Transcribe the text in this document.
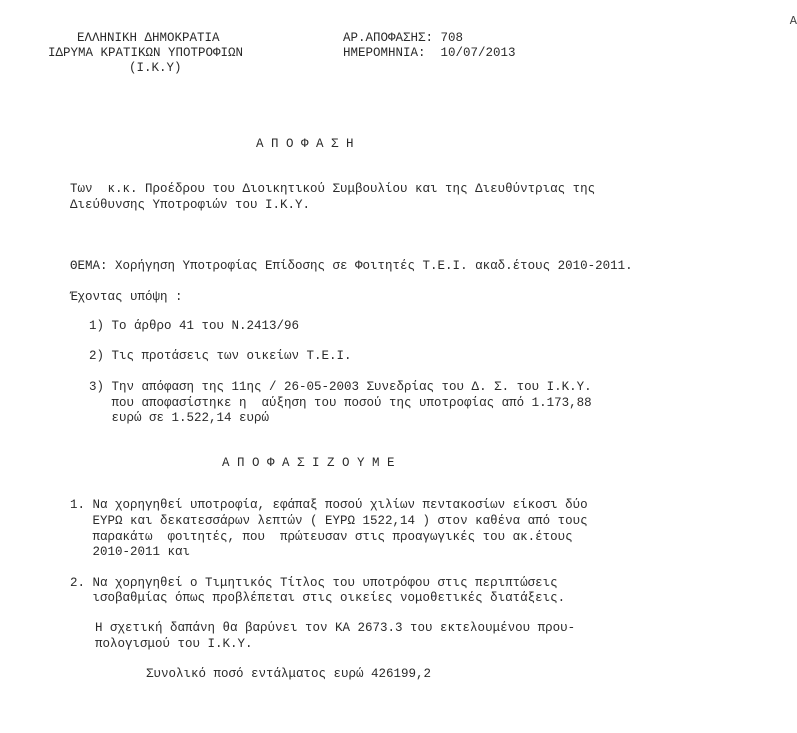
ΕΛΛΗΝΙΚΗ ΔΗΜΟΚΡΑΤΙΑ
ΙΔΡΥΜΑ ΚΡΑΤΙΚΩΝ ΥΠΟΤΡΟΦΙΩΝ
(Ι.Κ.Υ)
ΑΡ.ΑΠΟΦΑΣΗΣ: 708
ΗΜΕΡΟΜΗΝΙΑ: 10/07/2013
Α
Α Π Ο Φ Α Σ Η
Των  κ.κ. Προέδρου του Διοικητικού Συμβουλίου και της Διευθύντριας της
Διεύθυνσης Υποτροφιών του Ι.Κ.Υ.
ΘΕΜΑ: Χορήγηση Υποτροφίας Επίδοσης σε Φοιτητές Τ.Ε.Ι. ακαδ.έτους 2010-2011.
Έχοντας υπόψη :
1) Το άρθρο 41 του Ν.2413/96
2) Τις προτάσεις των οικείων Τ.Ε.Ι.
3) Την απόφαση της 11ης / 26-05-2003 Συνεδρίας του Δ. Σ. του Ι.Κ.Υ.
που αποφασίστηκε η  αύξηση του ποσού της υποτροφίας από 1.173,88
ευρώ σε 1.522,14 ευρώ
Α Π Ο Φ Α Σ Ι Ζ Ο Υ Μ Ε
1. Να χορηγηθεί υποτροφία, εφάπαξ ποσού χιλίων πεντακοσίων είκοσι δύο
ΕΥΡΩ και δεκατεσσάρων λεπτών ( ΕΥΡΩ 1522,14 ) στον καθένα από τους
παρακάτω  φοιτητές, που  πρώτευσαν στις προαγωγικές του ακ.έτους
2010-2011 και
2. Να χορηγηθεί ο Τιμητικός Τίτλος του υποτρόφου στις περιπτώσεις
ισοβαθμίας όπως προβλέπεται στις οικείες νομοθετικές διατάξεις.
Η σχετική δαπάνη θα βαρύνει τον ΚΑ 2673.3 του εκτελουμένου πρου-
πολογισμού του Ι.Κ.Υ.
Συνολικό ποσό εντάλματος ευρώ 426199,2
